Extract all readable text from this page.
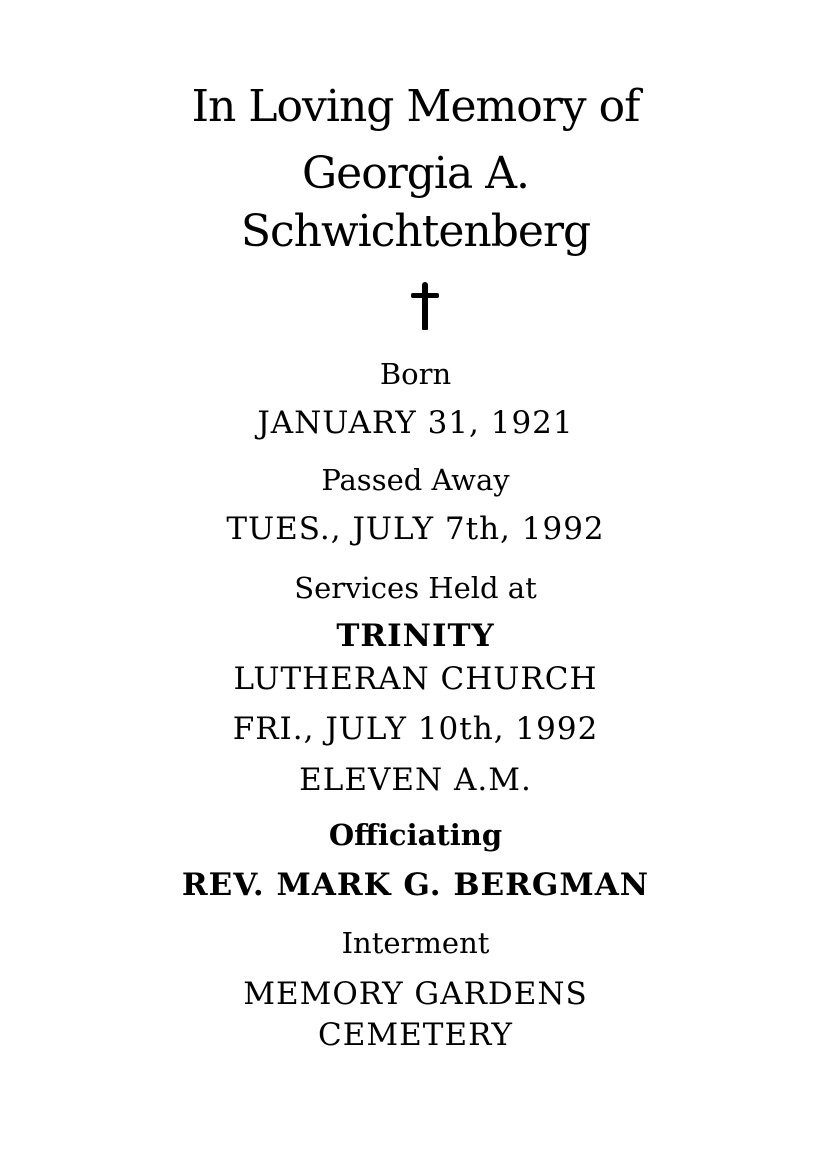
In Loving Memory of
Georgia A.
Schwichtenberg
Born
JANUARY 31, 1921
Passed Away
TUES., JULY 7th, 1992
Services Held at
TRINITY
LUTHERAN CHURCH
FRI., JULY 10th, 1992
ELEVEN A.M.
Officiating
REV. MARK G. BERGMAN
Interment
MEMORY GARDENS
CEMETERY
